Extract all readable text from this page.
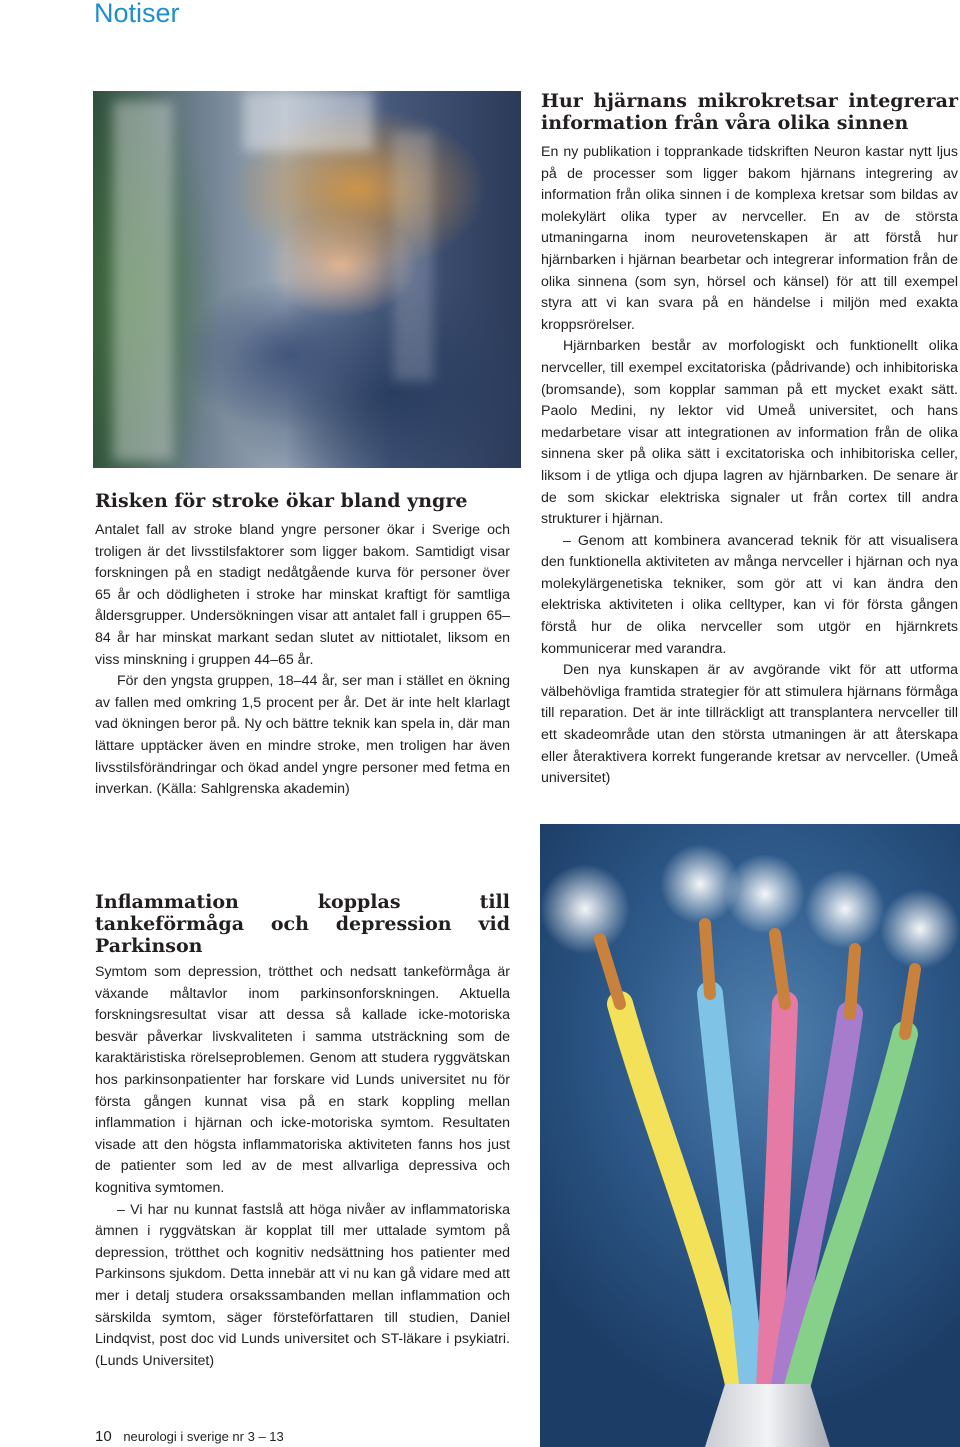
Notiser
Risken för stroke ökar bland yngre

Antalet fall av stroke bland yngre personer ökar i Sverige och troligen är det livsstilsfaktorer som ligger bakom. Samtidigt visar forskningen på en stadigt nedåtgående kurva för personer över 65 år och dödligheten i stroke har minskat kraftigt för samtliga åldersgrupper. Undersökningen visar att antalet fall i gruppen 65–84 år har minskat markant sedan slutet av nittiotalet, liksom en viss minskning i gruppen 44–65 år.

För den yngsta gruppen, 18–44 år, ser man i stället en ökning av fallen med omkring 1,5 procent per år. Det är inte helt klarlagt vad ökningen beror på. Ny och bättre teknik kan spela in, där man lättare upptäcker även en mindre stroke, men troligen har även livsstilsförändringar och ökad andel yngre personer med fetma en inverkan. (Källa: Sahlgrenska akademin)

Inflammation kopplas till tankeförmåga och depression vid Parkinson

Symtom som depression, trötthet och nedsatt tankeförmåga är växande måltavlor inom parkinsonforskningen. Aktuella forskningsresultat visar att dessa så kallade icke-motoriska besvär påverkar livskvaliteten i samma utsträckning som de karaktäristiska rörelseproblemen. Genom att studera ryggvätskan hos parkinsonpatienter har forskare vid Lunds universitet nu för första gången kunnat visa på en stark koppling mellan inflammation i hjärnan och icke-motoriska symtom. Resultaten visade att den högsta inflammatoriska aktiviteten fanns hos just de patienter som led av de mest allvarliga depressiva och kognitiva symtomen.

– Vi har nu kunnat fastslå att höga nivåer av inflammatoriska ämnen i ryggvätskan är kopplat till mer uttalade symtom på depression, trötthet och kognitiv nedsättning hos patienter med Parkinsons sjukdom. Detta innebär att vi nu kan gå vidare med att mer i detalj studera orsakssambanden mellan inflammation och särskilda symtom, säger försteförfattaren till studien, Daniel Lindqvist, post doc vid Lunds universitet och ST-läkare i psykiatri. (Lunds Universitet)

Hur hjärnans mikrokretsar integrerar information från våra olika sinnen

En ny publikation i topprankade tidskriften Neuron kastar nytt ljus på de processer som ligger bakom hjärnans integrering av information från olika sinnen i de komplexa kretsar som bildas av molekylärt olika typer av nervceller. En av de största utmaningarna inom neurovetenskapen är att förstå hur hjärnbarken i hjärnan bearbetar och integrerar information från de olika sinnena (som syn, hörsel och känsel) för att till exempel styra att vi kan svara på en händelse i miljön med exakta kroppsrörelser.

Hjärnbarken består av morfologiskt och funktionellt olika nervceller, till exempel excitatoriska (pådrivande) och inhibitoriska (bromsande), som kopplar samman på ett mycket exakt sätt. Paolo Medini, ny lektor vid Umeå universitet, och hans medarbetare visar att integrationen av information från de olika sinnena sker på olika sätt i excitatoriska och inhibitoriska celler, liksom i de ytliga och djupa lagren av hjärnbarken. De senare är de som skickar elektriska signaler ut från cortex till andra strukturer i hjärnan.

– Genom att kombinera avancerad teknik för att visualisera den funktionella aktiviteten av många nervceller i hjärnan och nya molekylärgenetiska tekniker, som gör att vi kan ändra den elektriska aktiviteten i olika celltyper, kan vi för första gången förstå hur de olika nervceller som utgör en hjärnkrets kommunicerar med varandra.

Den nya kunskapen är av avgörande vikt för att utforma välbehövliga framtida strategier för att stimulera hjärnans förmåga till reparation. Det är inte tillräckligt att transplantera nervceller till ett skadeområde utan den största utmaningen är att återskapa eller återaktivera korrekt fungerande kretsar av nervceller. (Umeå universitet)

10 neurologi i sverige nr 3 – 13
